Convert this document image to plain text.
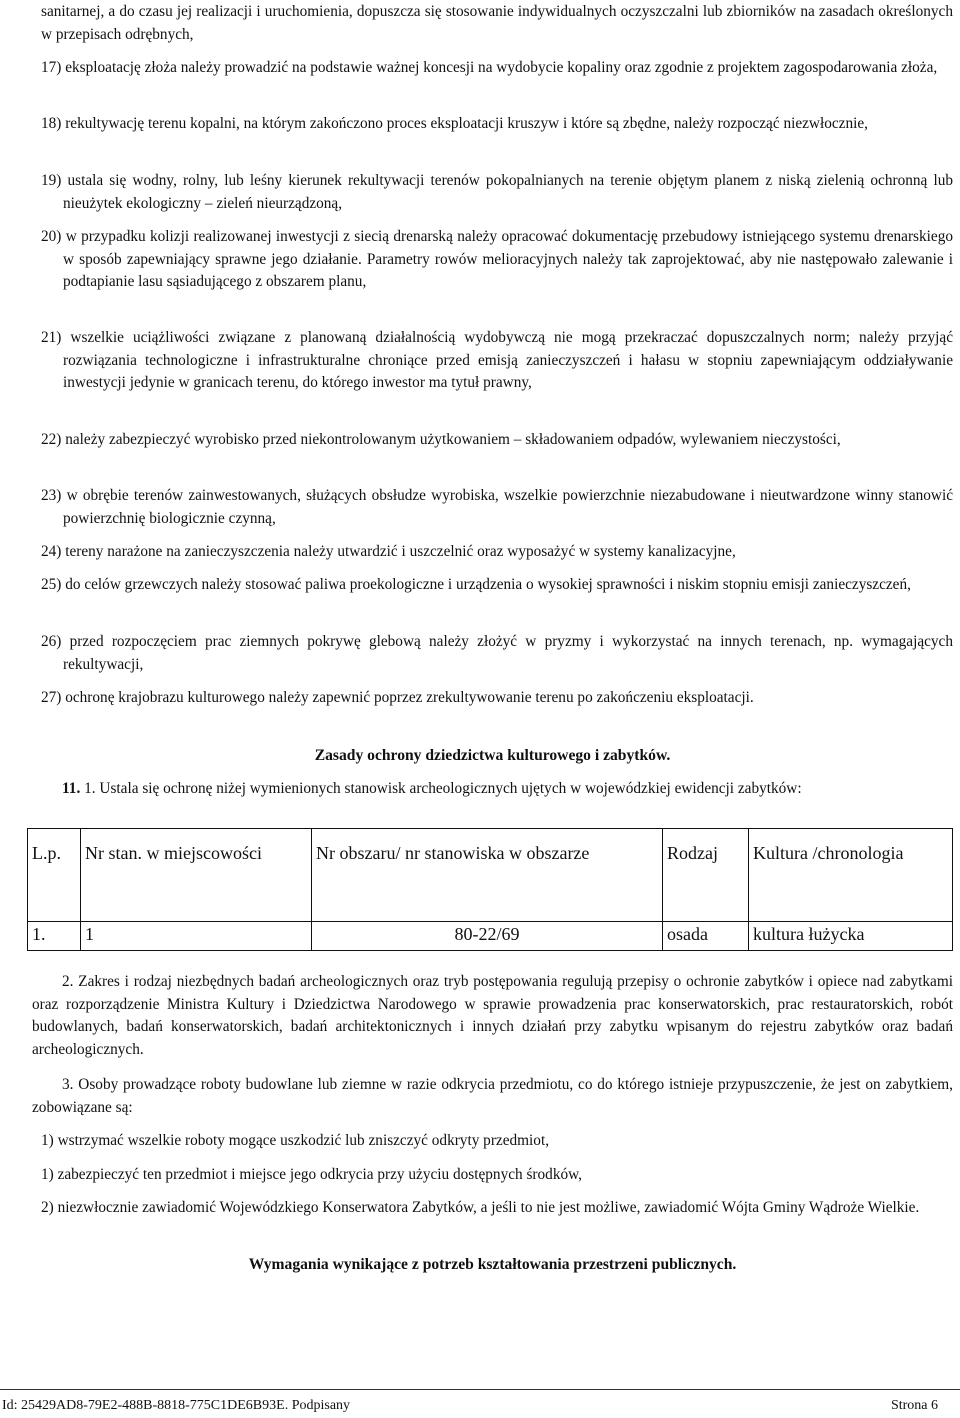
sanitarnej, a do czasu jej realizacji i uruchomienia, dopuszcza się stosowanie indywidualnych oczyszczalni lub zbiorników na zasadach określonych w przepisach odrębnych,
17) eksploatację złoża należy prowadzić na podstawie ważnej koncesji na wydobycie kopaliny oraz zgodnie z projektem zagospodarowania złoża,
18) rekultywację terenu kopalni, na którym zakończono proces eksploatacji kruszyw i które są zbędne, należy rozpocząć niezwłocznie,
19) ustala się wodny, rolny, lub leśny kierunek rekultywacji terenów pokopalnianych na terenie objętym planem z niską zielenią ochronną lub nieużytek ekologiczny – zieleń nieurządzoną,
20) w przypadku kolizji realizowanej inwestycji z siecią drenarską należy opracować dokumentację przebudowy istniejącego systemu drenarskiego w sposób zapewniający sprawne jego działanie. Parametry rowów melioracyjnych należy tak zaprojektować, aby nie następowało zalewanie i podtapianie lasu sąsiadującego z obszarem planu,
21) wszelkie uciążliwości związane z planowaną działalnością wydobywczą nie mogą przekraczać dopuszczalnych norm; należy przyjąć rozwiązania technologiczne i infrastrukturalne chroniące przed emisją zanieczyszczeń i hałasu w stopniu zapewniającym oddziaływanie inwestycji jedynie w granicach terenu, do którego inwestor ma tytuł prawny,
22) należy zabezpieczyć wyrobisko przed niekontrolowanym użytkowaniem – składowaniem odpadów, wylewaniem nieczystości,
23) w obrębie terenów zainwestowanych, służących obsłudze wyrobiska, wszelkie powierzchnie niezabudowane i nieutwardzone winny stanowić powierzchnię biologicznie czynną,
24) tereny narażone na zanieczyszczenia należy utwardzić i uszczelnić oraz wyposażyć w systemy kanalizacyjne,
25) do celów grzewczych należy stosować paliwa proekologiczne i urządzenia o wysokiej sprawności i niskim stopniu emisji zanieczyszczeń,
26) przed rozpoczęciem prac ziemnych pokrywę glebową należy złożyć w pryzmy i wykorzystać na innych terenach, np. wymagających rekultywacji,
27) ochronę krajobrazu kulturowego należy zapewnić poprzez zrekultywowanie terenu po zakończeniu eksploatacji.
Zasady ochrony dziedzictwa kulturowego i zabytków.
11. 1. Ustala się ochronę niżej wymienionych stanowisk archeologicznych ujętych w wojewódzkiej ewidencji zabytków:
L.p.	Nr stan. w miejscowości	Nr obszaru/ nr stanowiska w obszarze	Rodzaj	Kultura /chronologia
1.	1	80-22/69	osada	kultura łużycka
2. Zakres i rodzaj niezbędnych badań archeologicznych oraz tryb postępowania regulują przepisy o ochronie zabytków i opiece nad zabytkami oraz rozporządzenie Ministra Kultury i Dziedzictwa Narodowego w sprawie prowadzenia prac konserwatorskich, prac restauratorskich, robót budowlanych, badań konserwatorskich, badań architektonicznych i innych działań przy zabytku wpisanym do rejestru zabytków oraz badań archeologicznych.
3. Osoby prowadzące roboty budowlane lub ziemne w razie odkrycia przedmiotu, co do którego istnieje przypuszczenie, że jest on zabytkiem, zobowiązane są:
1) wstrzymać wszelkie roboty mogące uszkodzić lub zniszczyć odkryty przedmiot,
1) zabezpieczyć ten przedmiot i miejsce jego odkrycia przy użyciu dostępnych środków,
2) niezwłocznie zawiadomić Wojewódzkiego Konserwatora Zabytków, a jeśli to nie jest możliwe, zawiadomić Wójta Gminy Wądroże Wielkie.
Wymagania wynikające z potrzeb kształtowania przestrzeni publicznych.
Id: 25429AD8-79E2-488B-8818-775C1DE6B93E. Podpisany	Strona 6
